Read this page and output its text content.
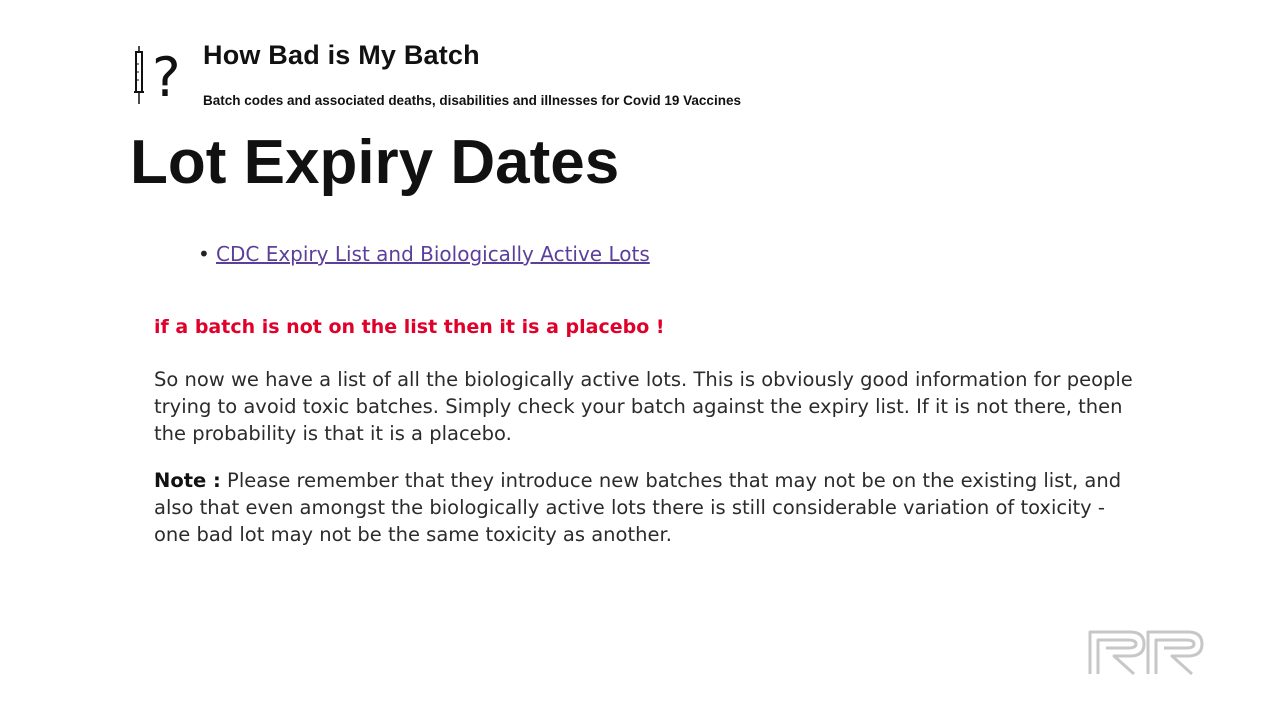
? How Bad is My Batch
Batch codes and associated deaths, disabilities and illnesses for Covid 19 Vaccines
Lot Expiry Dates
• CDC Expiry List and Biologically Active Lots

if a batch is not on the list then it is a placebo !

So now we have a list of all the biologically active lots. This is obviously good information for people trying to avoid toxic batches. Simply check your batch against the expiry list. If it is not there, then the probability is that it is a placebo.

Note : Please remember that they introduce new batches that may not be on the existing list, and also that even amongst the biologically active lots there is still considerable variation of toxicity - one bad lot may not be the same toxicity as another.
